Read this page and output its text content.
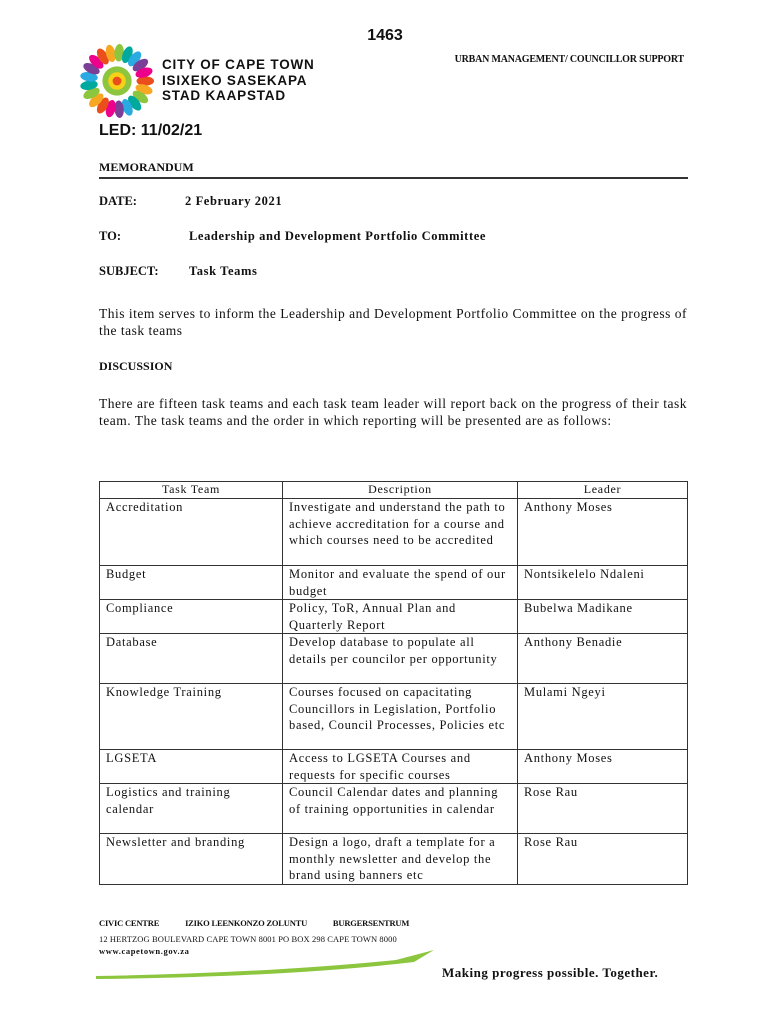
1463
CITY OF CAPE TOWN
ISIXEKO SASEKAPA
STAD KAAPSTAD
URBAN MANAGEMENT/ COUNCILLOR SUPPORT
LED: 11/02/21
MEMORANDUM
DATE:	2 February 2021
TO:	Leadership and Development Portfolio Committee
SUBJECT: Task Teams

This item serves to inform the Leadership and Development Portfolio Committee on the progress of the task teams

DISCUSSION

There are fifteen task teams and each task team leader will report back on the progress of their task team. The task teams and the order in which reporting will be presented are as follows:

Task Team	Description	Leader
Accreditation	Investigate and understand the path to achieve accreditation for a course and which courses need to be accredited	Anthony Moses
Budget	Monitor and evaluate the spend of our budget	Nontsikelelo Ndaleni
Compliance	Policy, ToR, Annual Plan and Quarterly Report	Bubelwa Madikane
Database	Develop database to populate all details per councilor per opportunity	Anthony Benadie
Knowledge Training	Courses focused on capacitating Councillors in Legislation, Portfolio based, Council Processes, Policies etc	Mulami Ngeyi
LGSETA	Access to LGSETA Courses and requests for specific courses	Anthony Moses
Logistics and training calendar	Council Calendar dates and planning of training opportunities in calendar	Rose Rau
Newsletter and branding	Design a logo, draft a template for a monthly newsletter and develop the brand using banners etc	Rose Rau
CIVIC CENTRE	IZIKO LEENKONZO ZOLUNTU	BURGERSENTRUM
12 HERTZOG BOULEVARD CAPE TOWN 8001 PO BOX 298 CAPE TOWN 8000
www.capetown.gov.za
Making progress possible. Together.
